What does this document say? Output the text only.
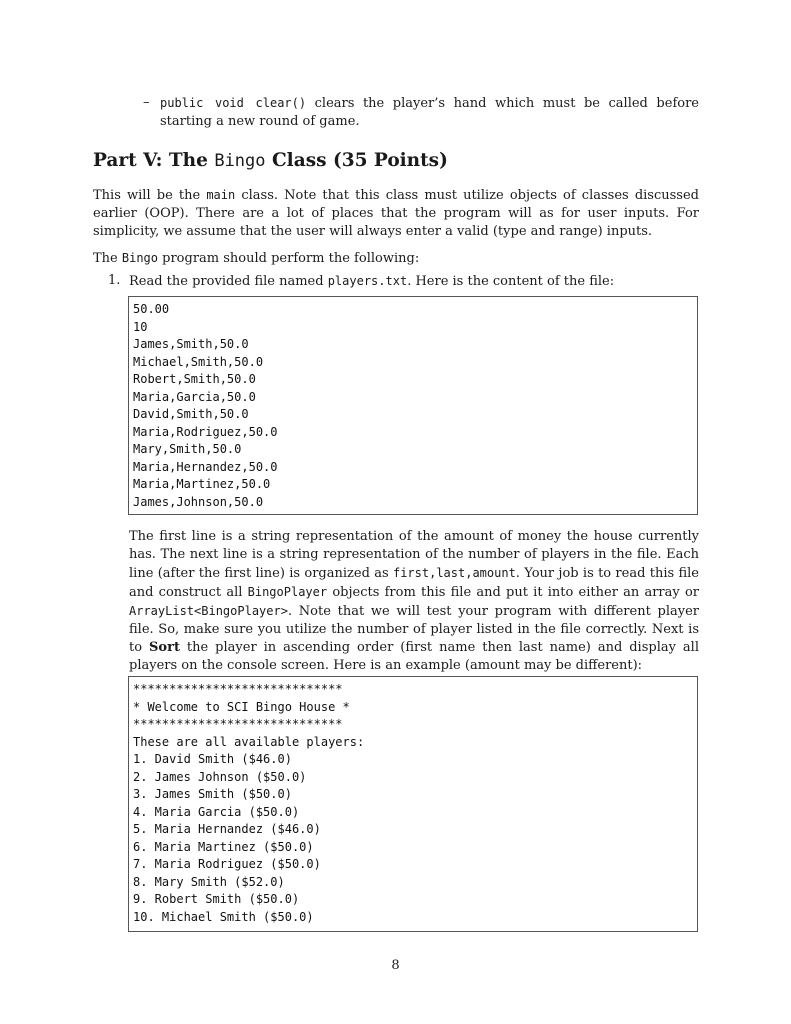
– public void clear() clears the player’s hand which must be called before starting a new round of game.
Part V: The Bingo Class (35 Points)
This will be the main class. Note that this class must utilize objects of classes discussed earlier (OOP). There are a lot of places that the program will as for user inputs. For simplicity, we assume that the user will always enter a valid (type and range) inputs.
The Bingo program should perform the following:
1. Read the provided file named players.txt. Here is the content of the file:
50.00
10
James,Smith,50.0
Michael,Smith,50.0
Robert,Smith,50.0
Maria,Garcia,50.0
David,Smith,50.0
Maria,Rodriguez,50.0
Mary,Smith,50.0
Maria,Hernandez,50.0
Maria,Martinez,50.0
James,Johnson,50.0
The first line is a string representation of the amount of money the house currently has. The next line is a string representation of the number of players in the file. Each line (after the first line) is organized as first,last,amount. Your job is to read this file and construct all BingoPlayer objects from this file and put it into either an array or ArrayList<BingoPlayer>. Note that we will test your program with different player file. So, make sure you utilize the number of player listed in the file correctly. Next is to Sort the player in ascending order (first name then last name) and display all players on the console screen. Here is an example (amount may be different):
*****************************
* Welcome to SCI Bingo House *
*****************************
These are all available players:
1. David Smith ($46.0)
2. James Johnson ($50.0)
3. James Smith ($50.0)
4. Maria Garcia ($50.0)
5. Maria Hernandez ($46.0)
6. Maria Martinez ($50.0)
7. Maria Rodriguez ($50.0)
8. Mary Smith ($52.0)
9. Robert Smith ($50.0)
10. Michael Smith ($50.0)
8
